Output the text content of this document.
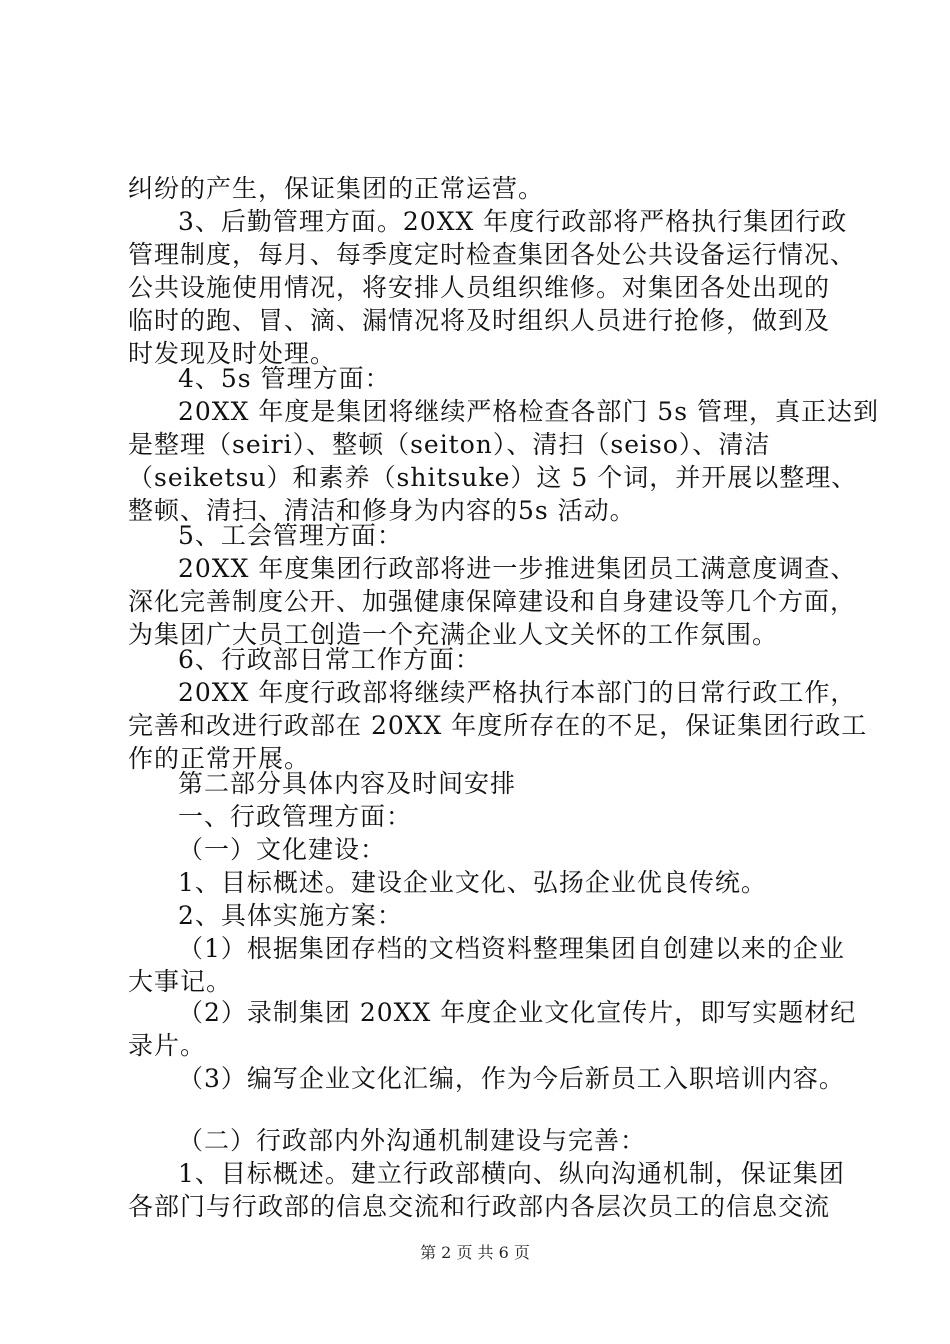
纠纷的产生，保证集团的正常运营。
3、后勤管理方面。20XX 年度行政部将严格执行集团行政
管理制度，每月、每季度定时检查集团各处公共设备运行情况、
公共设施使用情况，将安排人员组织维修。对集团各处出现的
临时的跑、冒、滴、漏情况将及时组织人员进行抢修，做到及
时发现及时处理。
4、5s 管理方面：
20XX 年度是集团将继续严格检查各部门 5s 管理，真正达到
是整理（seiri）、整顿（seiton）、清扫（seiso）、清洁
（seiketsu）和素养（shitsuke）这 5 个词，并开展以整理、
整顿、清扫、清洁和修身为内容的5s 活动。
5、工会管理方面：
20XX 年度集团行政部将进一步推进集团员工满意度调查、
深化完善制度公开、加强健康保障建设和自身建设等几个方面，
为集团广大员工创造一个充满企业人文关怀的工作氛围。
6、行政部日常工作方面：
20XX 年度行政部将继续严格执行本部门的日常行政工作，
完善和改进行政部在 20XX 年度所存在的不足，保证集团行政工
作的正常开展。
第二部分具体内容及时间安排
一、行政管理方面：
（一）文化建设：
1、目标概述。建设企业文化、弘扬企业优良传统。
2、具体实施方案：
（1）根据集团存档的文档资料整理集团自创建以来的企业
大事记。
（2）录制集团 20XX 年度企业文化宣传片，即写实题材纪
录片。
（3）编写企业文化汇编，作为今后新员工入职培训内容。
（二）行政部内外沟通机制建设与完善：
1、目标概述。建立行政部横向、纵向沟通机制，保证集团
各部门与行政部的信息交流和行政部内各层次员工的信息交流
第 2 页 共 6 页
